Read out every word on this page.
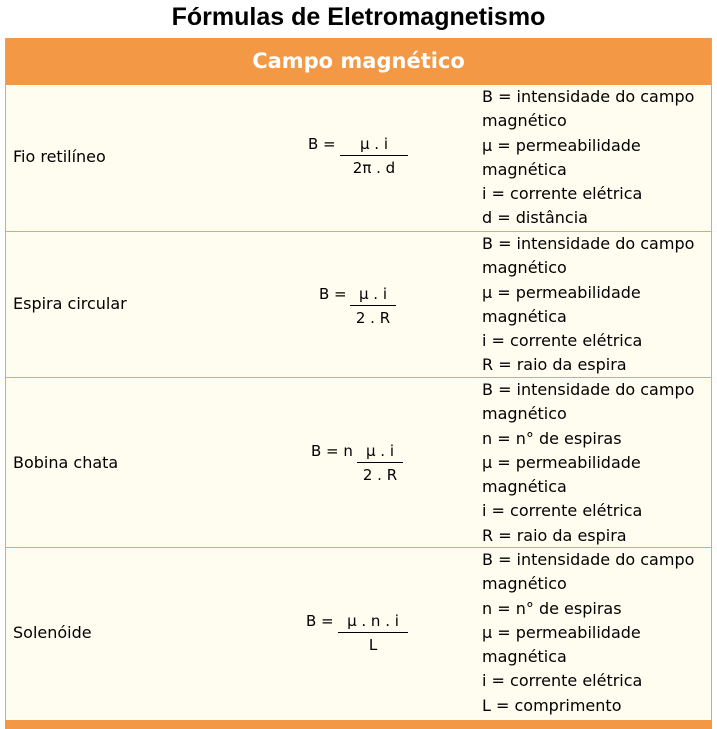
Fórmulas de Eletromagnetismo
Campo magnético
Fio retilíneo
B =	μ . i
2π . d
B = intensidade do campo
magnético
μ = permeabilidade
magnética
i = corrente elétrica
d = distância
Espira circular	B = μ . i
2 . R
B = intensidade do campo
magnético
μ = permeabilidade
magnética
i = corrente elétrica
R = raio da espira
Bobina chata
B = n μ . i
2 . R
B = intensidade do campo
magnético
n = n° de espiras
μ = permeabilidade
magnética
i = corrente elétrica
R = raio da espira
Solenóide
B = μ . n . i
L
B = intensidade do campo
magnético
n = n° de espiras
μ = permeabilidade
magnética
i = corrente elétrica
L = comprimento
